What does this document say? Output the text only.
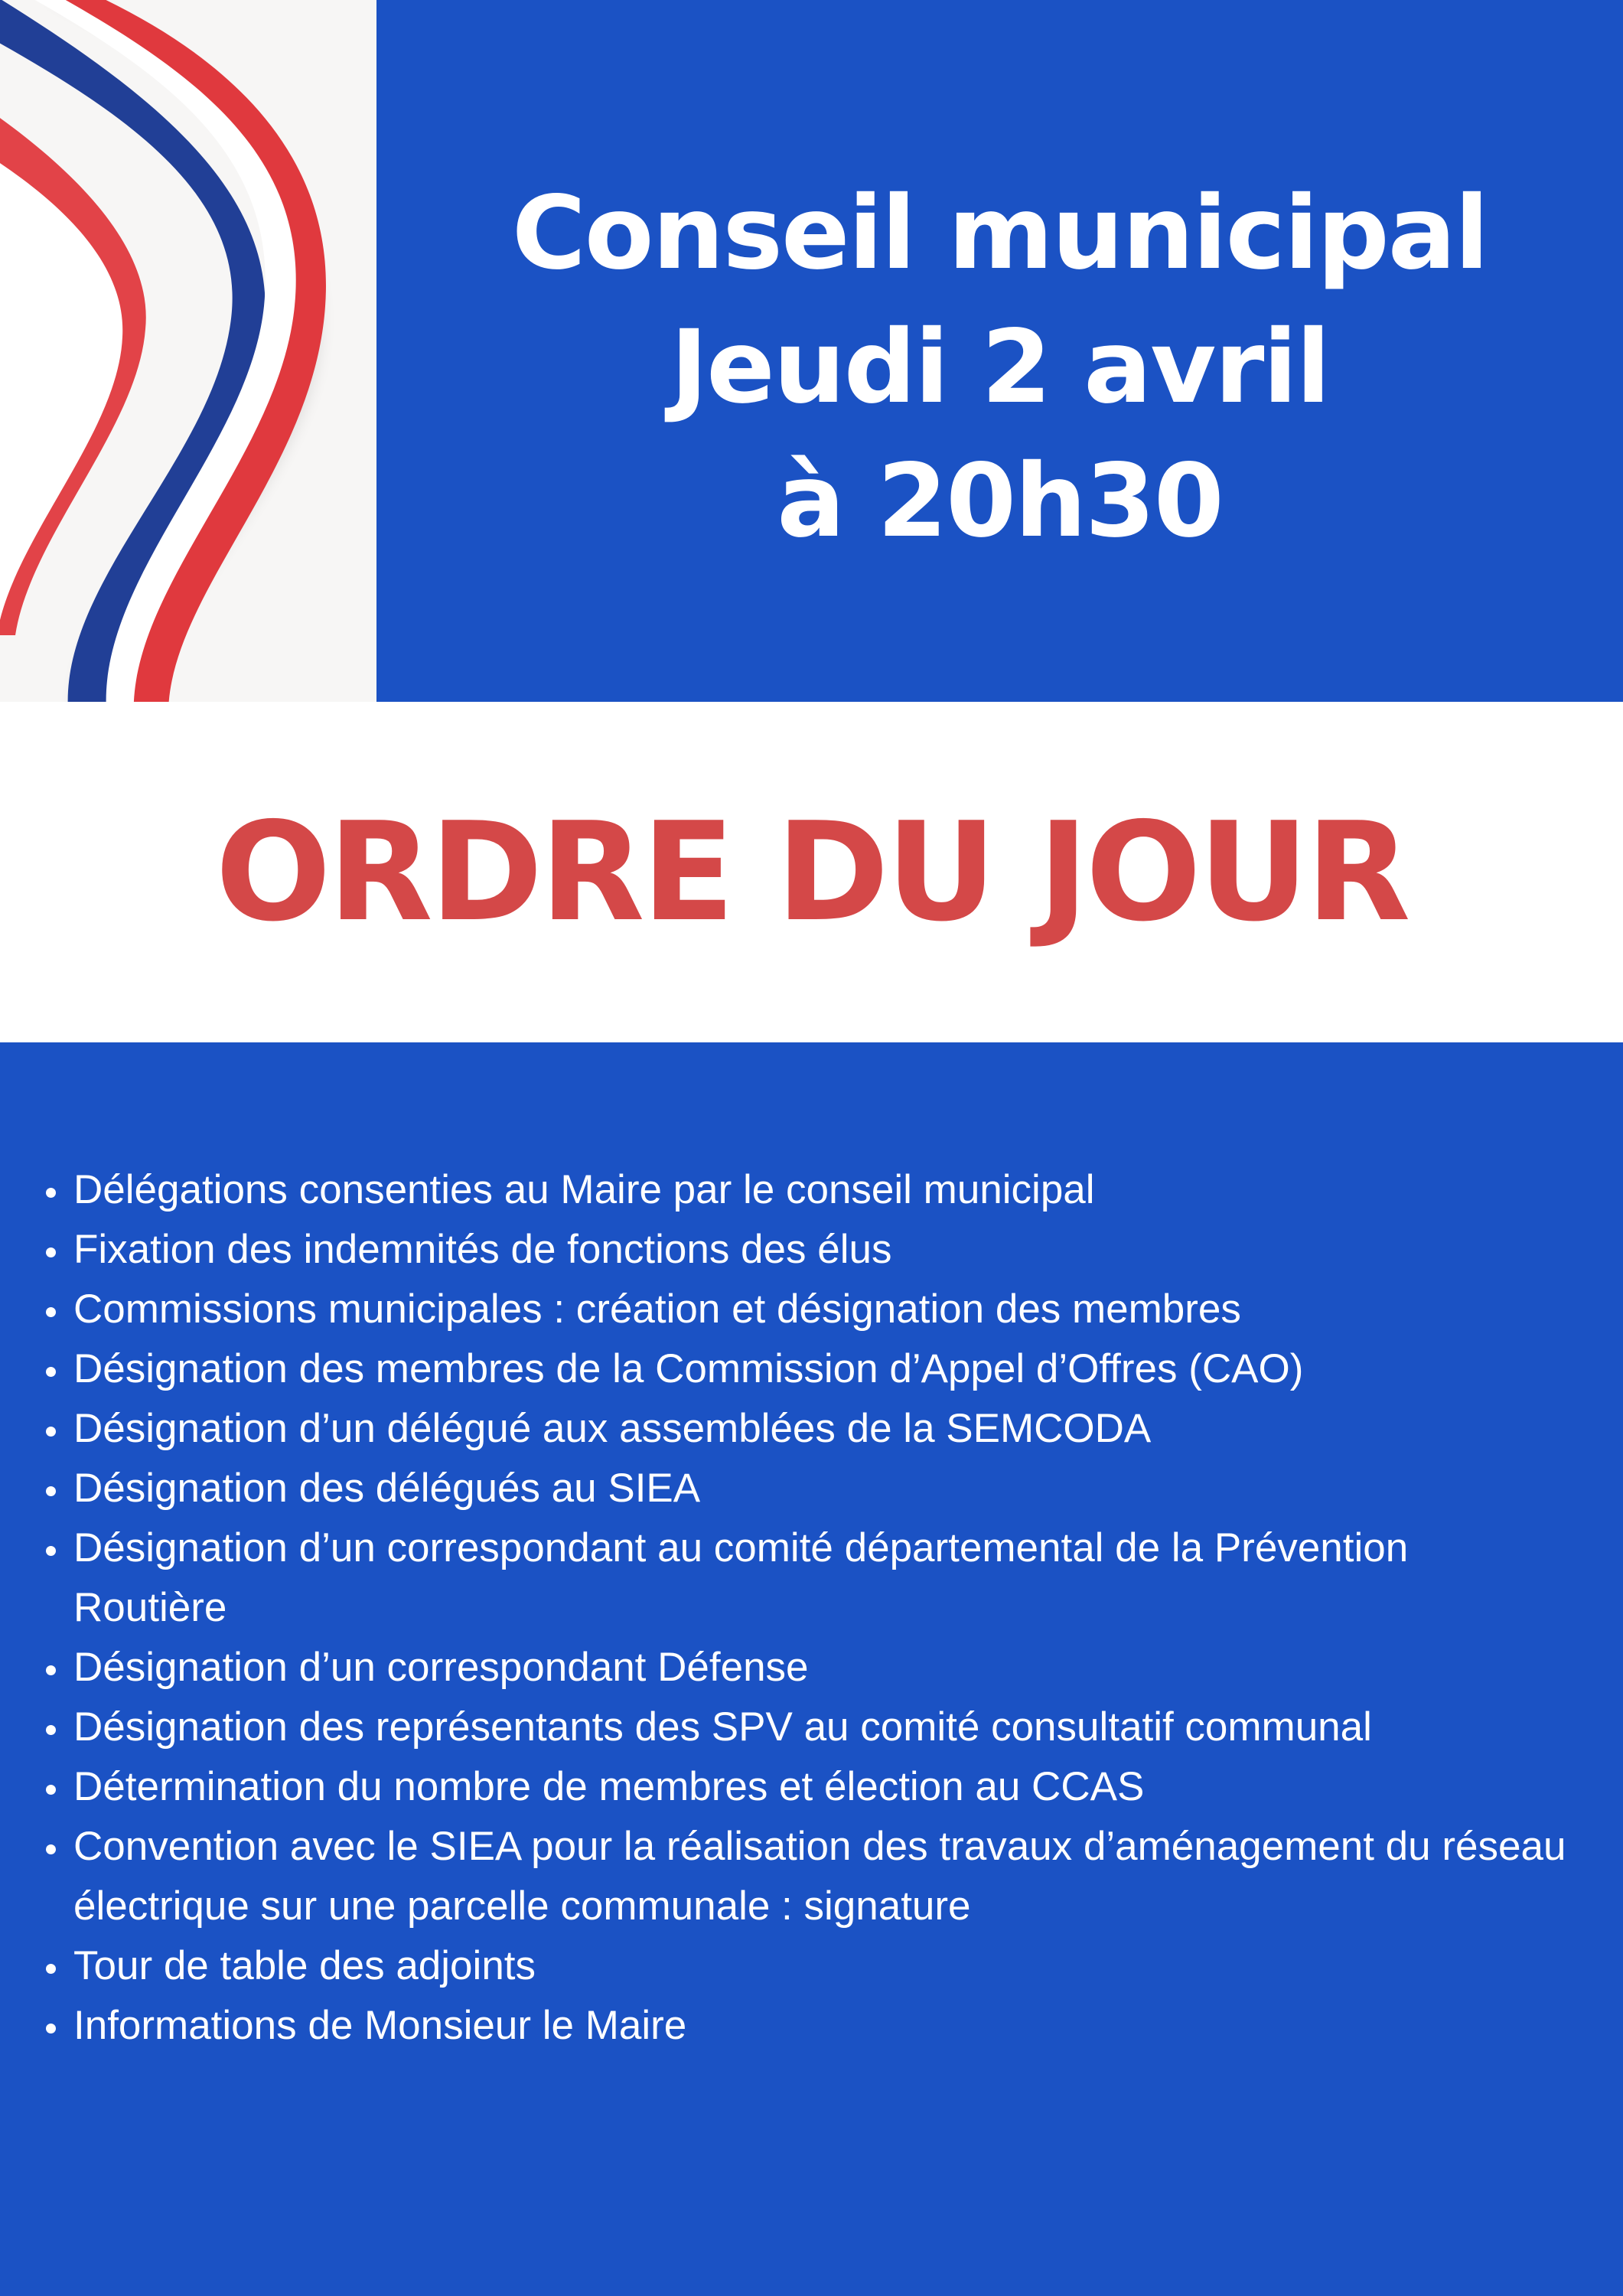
Conseil municipal
Jeudi 2 avril
à 20h30
ORDRE DU JOUR
Délégations consenties au Maire par le conseil municipal
Fixation des indemnités de fonctions des élus
Commissions municipales : création et désignation des membres
Désignation des membres de la Commission d’Appel d’Offres (CAO)
Désignation d’un délégué aux assemblées de la SEMCODA
Désignation des délégués au SIEA
Désignation d’un correspondant au comité départemental de la Prévention Routière
Désignation d’un correspondant Défense
Désignation des représentants des SPV au comité consultatif communal
Détermination du nombre de membres et élection au CCAS
Convention avec le SIEA pour la réalisation des travaux d’aménagement du réseau électrique sur une parcelle communale : signature
Tour de table des adjoints
Informations de Monsieur le Maire
